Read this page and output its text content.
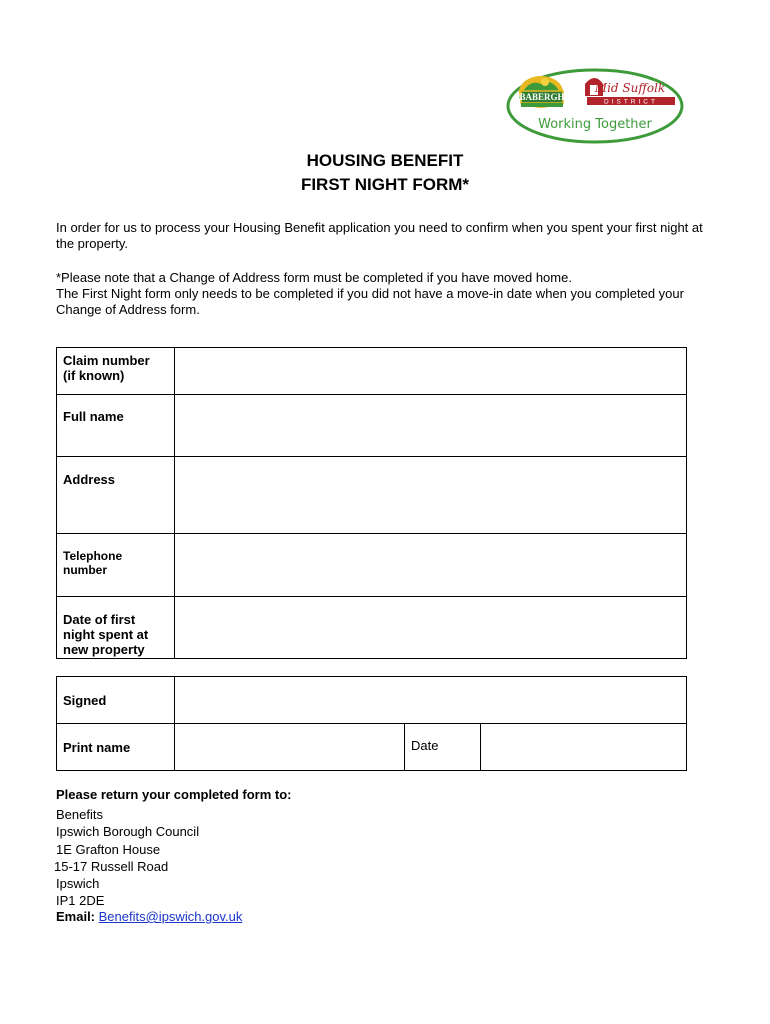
BABERGH
Mid Suffolk
DISTRICT
Working Together
HOUSING BENEFIT
FIRST NIGHT FORM*
In order for us to process your Housing Benefit application you need to confirm when you spent your first night at the property.
*Please note that a Change of Address form must be completed if you have moved home.
The First Night form only needs to be completed if you did not have a move-in date when you completed your Change of Address form.
Claim number
(if known)

Full name	
Address	

Telephone
number

Date of first
night spent at
new property

Signed	
Print name		Date	
Please return your completed form to:
Benefits
Ipswich Borough Council
1E Grafton House
15-17 Russell Road
Ipswich
IP1 2DE
Email: Benefits@ipswich.gov.uk
